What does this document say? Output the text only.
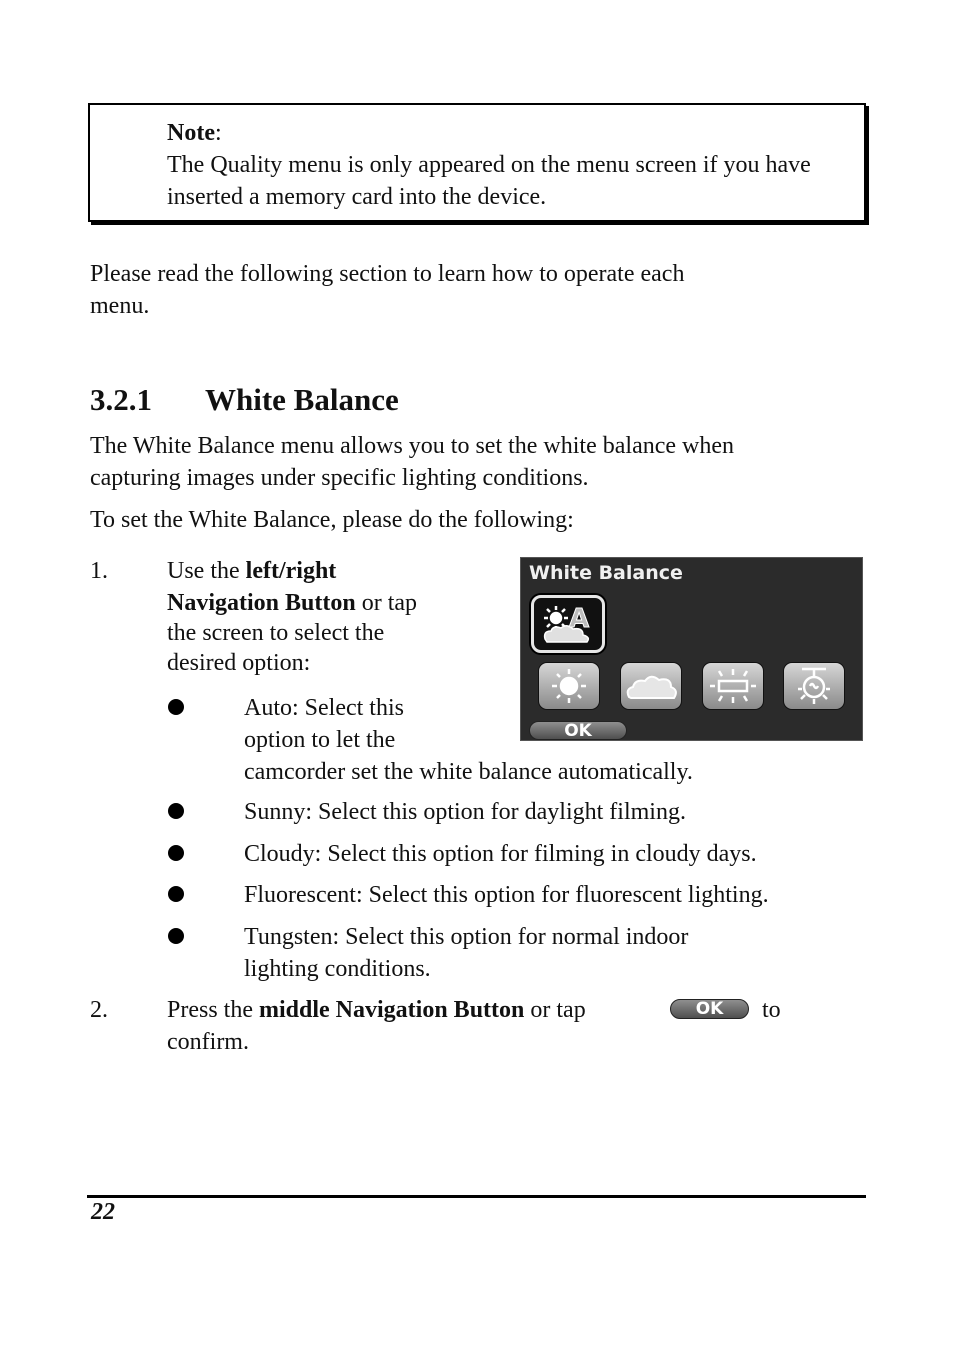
Note:
The Quality menu is only appeared on the menu screen if you have inserted a memory card into the device.
Please read the following section to learn how to operate each
menu.
3.2.1 White Balance
The White Balance menu allows you to set the white balance when
capturing images under specific lighting conditions.
To set the White Balance, please do the following:
1. Use the left/right
Navigation Button or tap
the screen to select the
desired option:
Auto: Select this
option to let the
camcorder set the white balance automatically.
Sunny: Select this option for daylight filming.
Cloudy: Select this option for filming in cloudy days.
Fluorescent: Select this option for fluorescent lighting.
Tungsten: Select this option for normal indoor
lighting conditions.
2. Press the middle Navigation Button or tap	OK	to
confirm.
White Balance
A
OK
22
